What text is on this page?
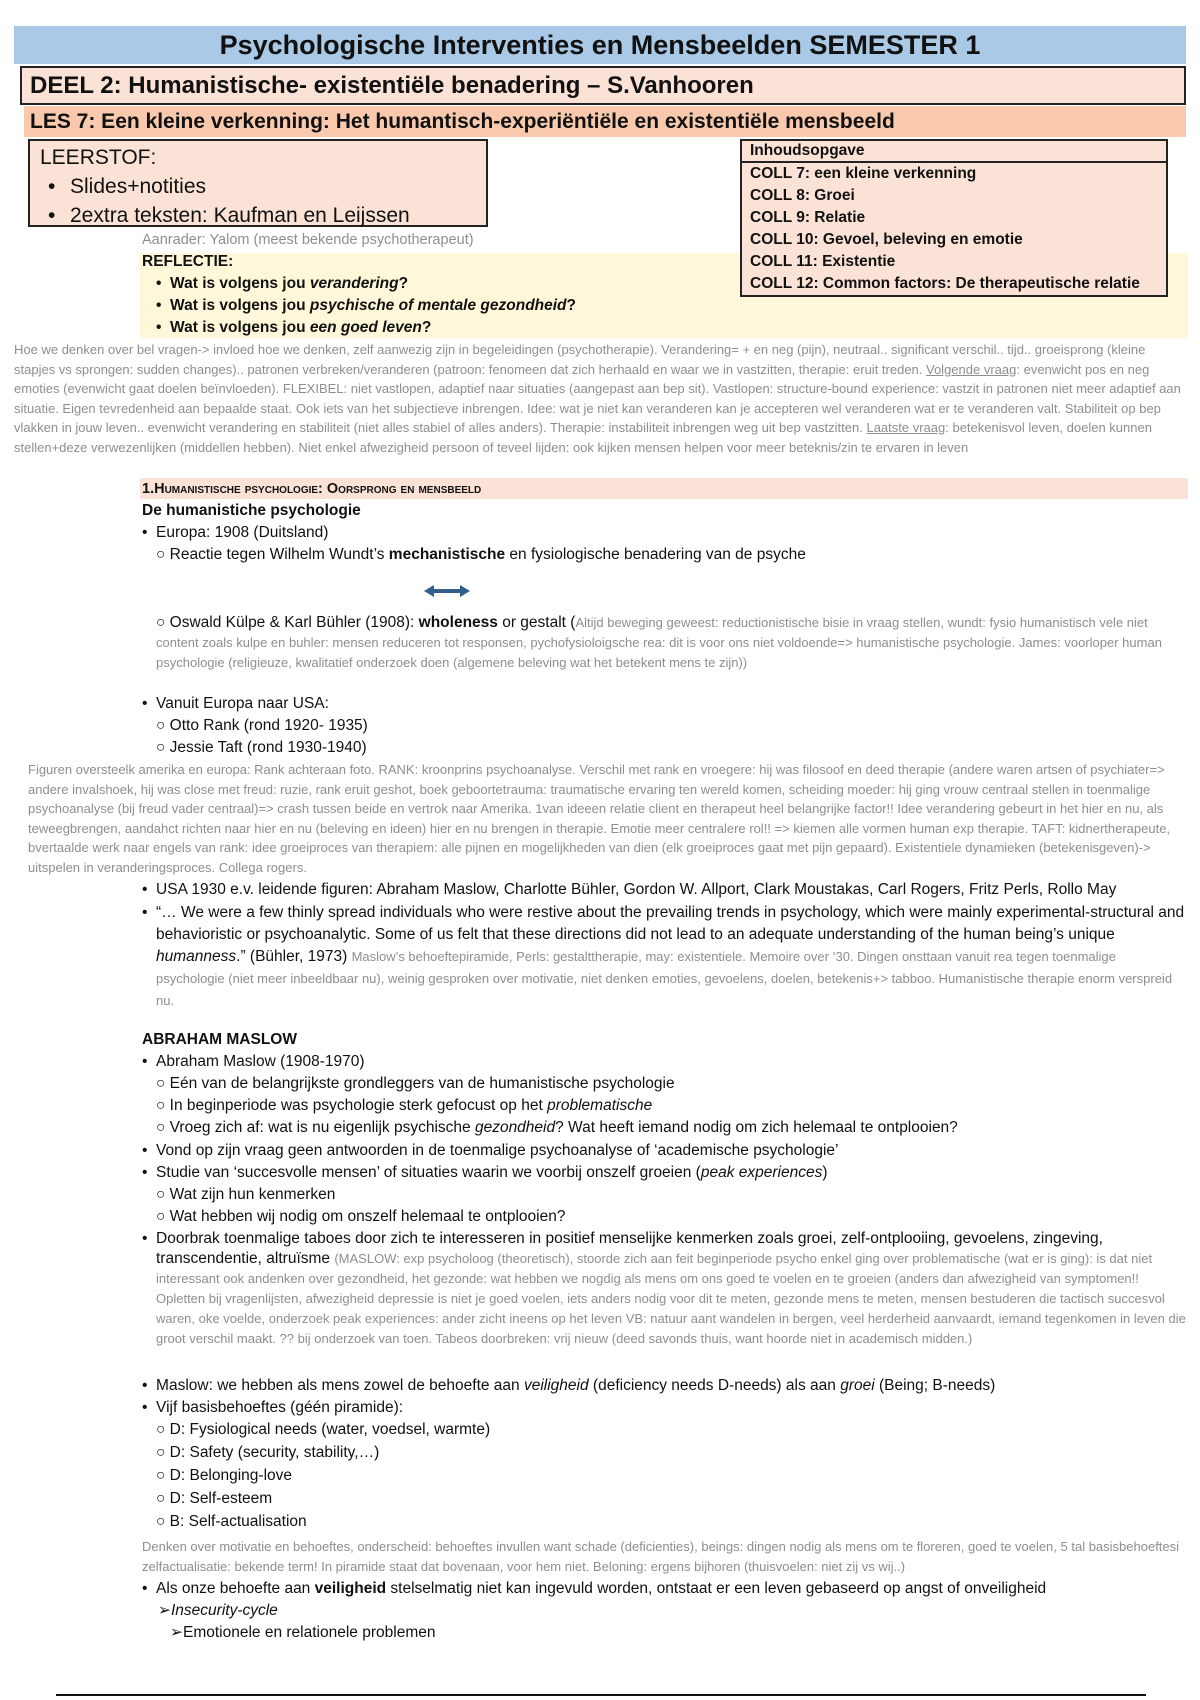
Psychologische Interventies en Mensbeelden SEMESTER 1
DEEL 2: Humanistische- existentiële benadering – S.Vanhooren
LES 7: Een kleine verkenning: Het humantisch-experiëntiële en existentiële mensbeeld
LEERSTOF:
• Slides+notities
• 2extra teksten: Kaufman en Leijssen
Inhoudsopgave
COLL 7: een kleine verkenning
COLL 8: Groei
COLL 9: Relatie
COLL 10: Gevoel, beleving en emotie
COLL 11: Existentie
COLL 12: Common factors: De therapeutische relatie
Aanrader: Yalom (meest bekende psychotherapeut)
REFLECTIE:
•  Wat is volgens jou verandering?
•  Wat is volgens jou psychische of mentale gezondheid?
•  Wat is volgens jou een goed leven?
Hoe we denken over bel vragen-> invloed hoe we denken, zelf aanwezig zijn in begeleidingen (psychotherapie). Verandering= + en neg (pijn), neutraal.. significant verschil.. tijd.. groeisprong (kleine stapjes vs sprongen: sudden changes).. patronen verbreken/veranderen (patroon: fenomeen dat zich herhaald en waar we in vastzitten, therapie: eruit treden. Volgende vraag: evenwicht pos en neg emoties (evenwicht gaat doelen beïnvloeden). FLEXIBEL: niet vastlopen, adaptief naar situaties (aangepast aan bep sit). Vastlopen: structure-bound experience: vastzit in patronen niet meer adaptief aan situatie. Eigen tevredenheid aan bepaalde staat. Ook iets van het subjectieve inbrengen. Idee: wat je niet kan veranderen kan je accepteren wel veranderen wat er te veranderen valt. Stabiliteit op bep vlakken in jouw leven.. evenwicht verandering en stabiliteit (niet alles stabiel of alles anders). Therapie: instabiliteit inbrengen weg uit bep vastzitten. Laatste vraag: betekenisvol leven, doelen kunnen stellen+deze verwezenlijken (middellen hebben). Niet enkel afwezigheid persoon of teveel lijden: ook kijken mensen helpen voor meer beteknis/zin te ervaren in leven
1.Humanistische psychologie: Oorsprong en mensbeeld
De humanistiche psychologie
•  Europa: 1908 (Duitsland)
○ Reactie tegen Wilhelm Wundt’s mechanistische en fysiologische benadering van de psyche
○ Oswald Külpe & Karl Bühler (1908): wholeness or gestalt (Altijd beweging geweest: reductionistische bisie in vraag stellen, wundt: fysio humanistisch vele niet content zoals kulpe en buhler: mensen reduceren tot responsen, pychofysioloigsche rea: dit is voor ons niet voldoende=> humanistische psychologie. James: voorloper human psychologie (religieuze, kwalitatief onderzoek doen (algemene beleving wat het betekent mens te zijn))
•  Vanuit Europa naar USA:
○ Otto Rank (rond 1920- 1935)
○ Jessie Taft (rond 1930-1940)
Figuren oversteelk amerika en europa: Rank achteraan foto. RANK: kroonprins psychoanalyse. Verschil met rank en vroegere: hij was filosoof en deed therapie (andere waren artsen of psychiater=> andere invalshoek, hij was close met freud: ruzie, rank eruit geshot, boek geboortetrauma: traumatische ervaring ten wereld komen, scheiding moeder: hij ging vrouw centraal stellen in toenmalige psychoanalyse (bij freud vader centraal)=> crash tussen beide en vertrok naar Amerika. 1van ideeen relatie client en therapeut heel belangrijke factor!! Idee verandering gebeurt in het hier en nu, als teweegbrengen, aandahct richten naar hier en nu (beleving en ideen) hier en nu brengen in therapie. Emotie meer centralere rol!! => kiemen alle vormen human exp therapie. TAFT: kidnertherapeute, bvertaalde werk naar engels van rank: idee groeiproces van therapiem: alle pijnen en mogelijkheden van dien (elk groeiproces gaat met pijn gepaard). Existentiele dynamieken (betekenisgeven)-> uitspelen in veranderingsproces. Collega rogers.
•  USA 1930 e.v. leidende figuren: Abraham Maslow, Charlotte Bühler, Gordon W. Allport, Clark Moustakas, Carl Rogers, Fritz Perls, Rollo May
•  “… We were a few thinly spread individuals who were restive about the prevailing trends in psychology, which were mainly experimental-structural and behavioristic or psychoanalytic. Some of us felt that these directions did not lead to an adequate understanding of the human being’s unique humanness.” (Bühler, 1973) Maslow’s behoeftepiramide, Perls: gestalttherapie, may: existentiele. Memoire over ’30. Dingen onsttaan vanuit rea tegen toenmalige psychologie (niet meer inbeeldbaar nu), weinig gesproken over motivatie, niet denken emoties, gevoelens, doelen, betekenis+> tabboo. Humanistische therapie enorm verspreid nu.
ABRAHAM MASLOW
•  Abraham Maslow (1908-1970)
○ Eén van de belangrijkste grondleggers van de humanistische psychologie
○ In beginperiode was psychologie sterk gefocust op het problematische
○ Vroeg zich af: wat is nu eigenlijk psychische gezondheid? Wat heeft iemand nodig om zich helemaal te ontplooien?
•  Vond op zijn vraag geen antwoorden in de toenmalige psychoanalyse of ‘academische psychologie’
•  Studie van ‘succesvolle mensen’ of situaties waarin we voorbij onszelf groeien (peak experiences)
○ Wat zijn hun kenmerken
○ Wat hebben wij nodig om onszelf helemaal te ontplooien?
•  Doorbrak toenmalige taboes door zich te interesseren in positief menselijke kenmerken zoals groei, zelf-ontplooiing, gevoelens, zingeving, transcendentie, altruïsme (MASLOW: exp psycholoog (theoretisch), stoorde zich aan feit beginperiode psycho enkel ging over problematische (wat er is ging): is dat niet interessant ook andenken over gezondheid, het gezonde: wat hebben we nogdig als mens om ons goed te voelen en te groeien (anders dan afwezigheid van symptomen!! Opletten bij vragenlijsten, afwezigheid depressie is niet je goed voelen, iets anders nodig voor dit te meten, gezonde mens te meten, mensen bestuderen die tactisch succesvol waren, oke voelde, onderzoek peak experiences: ander zicht ineens op het leven VB: natuur aant wandelen in bergen, veel herderheid aanvaardt, iemand tegenkomen in leven die groot verschil maakt. ?? bij onderzoek van toen. Tabeos doorbreken: vrij nieuw (deed savonds thuis, want hoorde niet in academisch midden.)
•  Maslow: we hebben als mens zowel de behoefte aan veiligheid (deficiency needs D-needs) als aan groei (Being; B-needs)
•  Vijf basisbehoeftes (géén piramide):
○ D: Fysiological needs (water, voedsel, warmte)
○ D: Safety (security, stability,…)
○ D: Belonging-love
○ D: Self-esteem
○ B: Self-actualisation
Denken over motivatie en behoeftes, onderscheid: behoeftes invullen want schade (deficienties), beings: dingen nodig als mens om te floreren, goed te voelen, 5 tal basisbehoeftesi zelfactualisatie: bekende term! In piramide staat dat bovenaan, voor hem niet. Beloning: ergens bijhoren (thuisvoelen: niet zij vs wij..)
•  Als onze behoefte aan veiligheid stelselmatig niet kan ingevuld worden, ontstaat er een leven gebaseerd op angst of onveiligheid
➢Insecurity-cycle
➢Emotionele en relationele problemen
